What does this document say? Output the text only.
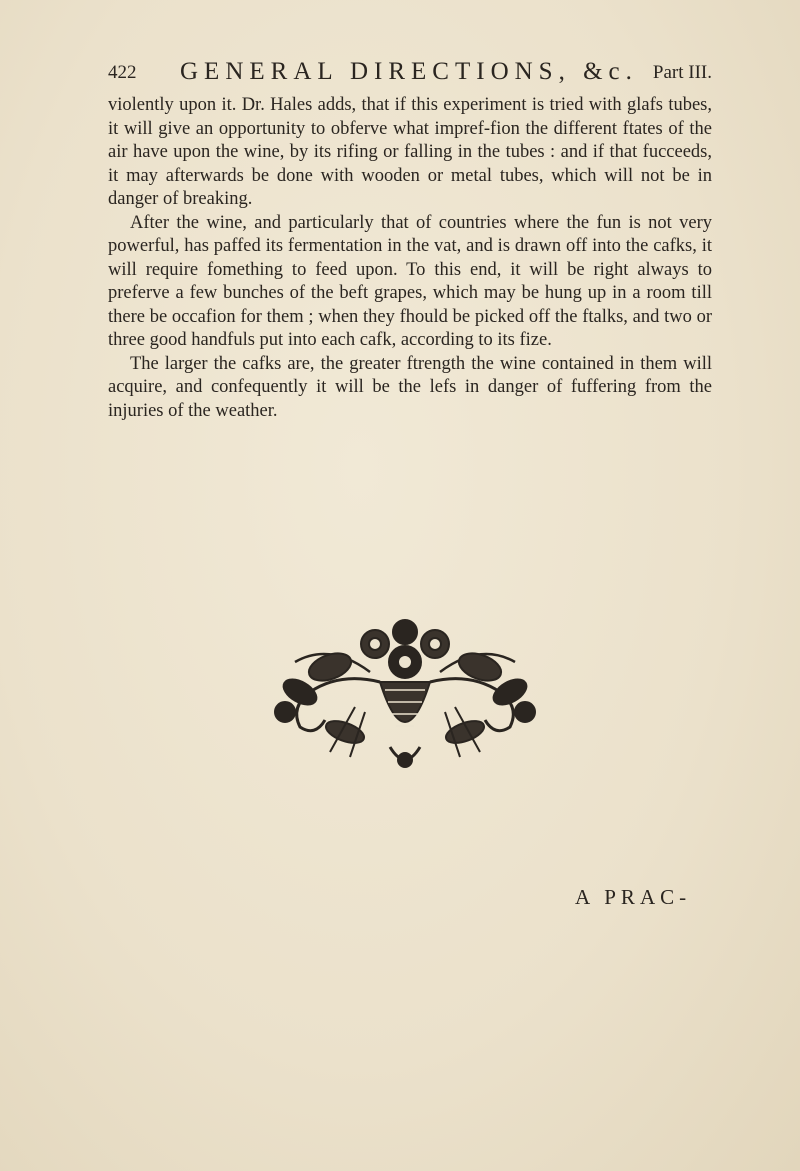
422 GENERAL DIRECTIONS, &c. Part III.

violently upon it. Dr. Hales adds, that if this experiment is tried with glafs tubes, it will give an opportunity to obferve what impref-fion the different ftates of the air have upon the wine, by its rifing or falling in the tubes : and if that fucceeds, it may afterwards be done with wooden or metal tubes, which will not be in danger of breaking.

After the wine, and particularly that of countries where the fun is not very powerful, has paffed its fermentation in the vat, and is drawn off into the cafks, it will require fomething to feed upon. To this end, it will be right always to preferve a few bunches of the beft grapes, which may be hung up in a room till there be occafion for them ; when they fhould be picked off the ftalks, and two or three good handfuls put into each cafk, according to its fize.

The larger the cafks are, the greater ftrength the wine contained in them will acquire, and confequently it will be the lefs in danger of fuffering from the injuries of the weather.

A PRAC-
